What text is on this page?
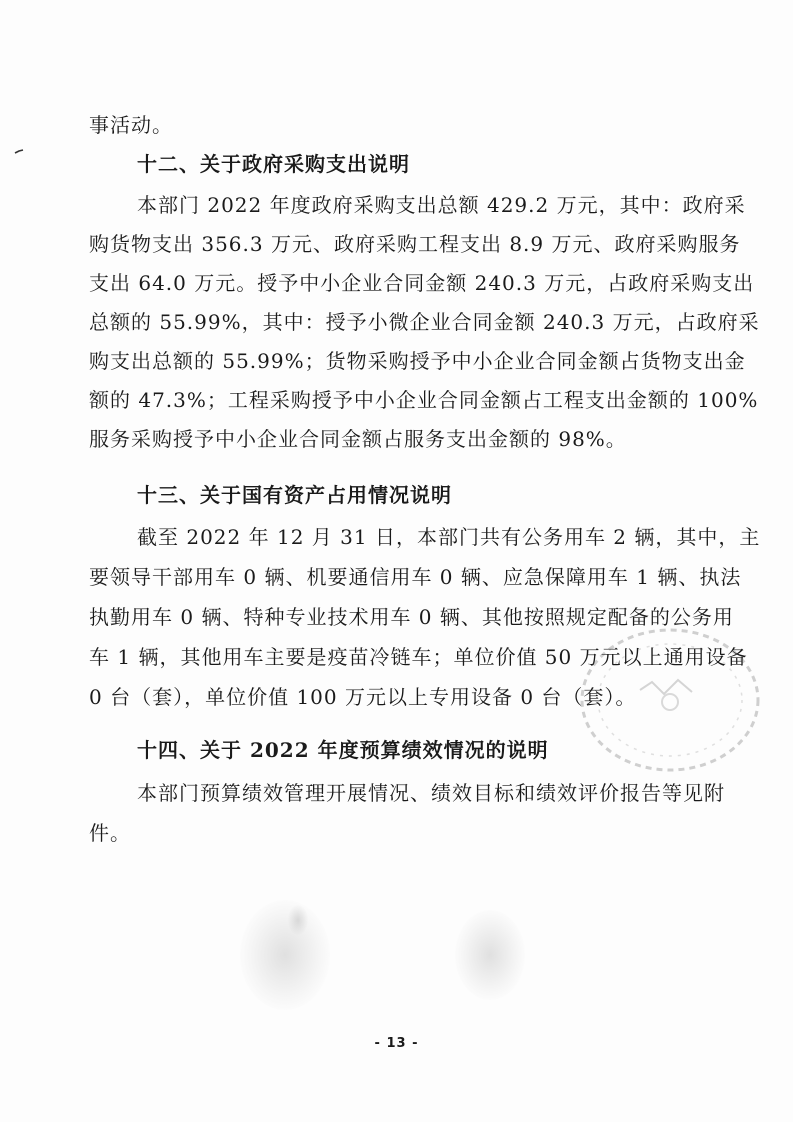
事活动。
十二、关于政府采购支出说明
本部门 2022 年度政府采购支出总额 429.2 万元，其中：政府采
购货物支出 356.3 万元、政府采购工程支出 8.9 万元、政府采购服务
支出 64.0 万元。授予中小企业合同金额 240.3 万元，占政府采购支出
总额的 55.99%，其中：授予小微企业合同金额 240.3 万元，占政府采
购支出总额的 55.99%；货物采购授予中小企业合同金额占货物支出金
额的 47.3%；工程采购授予中小企业合同金额占工程支出金额的 100%
服务采购授予中小企业合同金额占服务支出金额的 98%。
十三、关于国有资产占用情况说明
截至 2022 年 12 月 31 日，本部门共有公务用车 2 辆，其中，主
要领导干部用车 0 辆、机要通信用车 0 辆、应急保障用车 1 辆、执法
执勤用车 0 辆、特种专业技术用车 0 辆、其他按照规定配备的公务用
车 1 辆，其他用车主要是疫苗冷链车；单位价值 50 万元以上通用设备
0 台（套），单位价值 100 万元以上专用设备 0 台（套）。
十四、关于 2022 年度预算绩效情况的说明
本部门预算绩效管理开展情况、绩效目标和绩效评价报告等见附
件。
- 13 -
